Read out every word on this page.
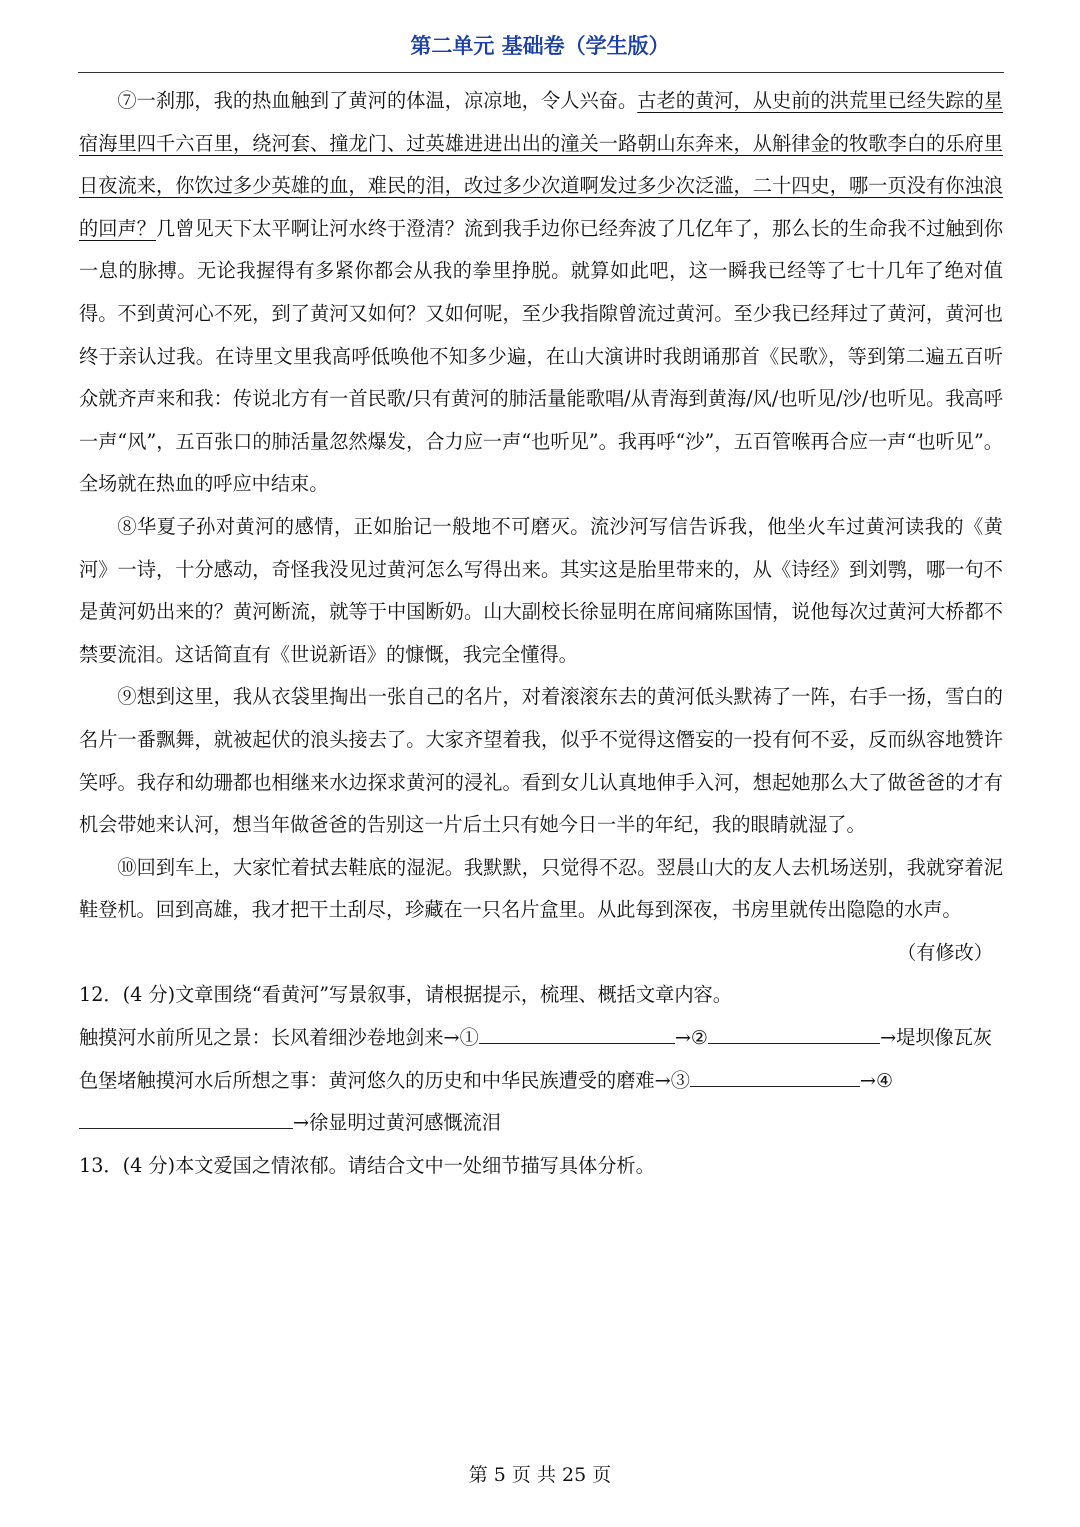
第二单元 基础卷（学生版）

⑦一刹那，我的热血触到了黄河的体温，凉凉地，令人兴奋。古老的黄河，从史前的洪荒里已经失踪的星宿海里四千六百里，绕河套、撞龙门、过英雄进进出出的潼关一路朝山东奔来，从斛律金的牧歌李白的乐府里日夜流来，你饮过多少英雄的血，难民的泪，改过多少次道啊发过多少次泛滥，二十四史，哪一页没有你浊浪的回声？几曾见天下太平啊让河水终于澄清？流到我手边你已经奔波了几亿年了，那么长的生命我不过触到你一息的脉搏。无论我握得有多紧你都会从我的拳里挣脱。就算如此吧，这一瞬我已经等了七十几年了绝对值得。不到黄河心不死，到了黄河又如何？又如何呢，至少我指隙曾流过黄河。至少我已经拜过了黄河，黄河也终于亲认过我。在诗里文里我高呼低唤他不知多少遍，在山大演讲时我朗诵那首《民歌》，等到第二遍五百听众就齐声来和我：传说北方有一首民歌/只有黄河的肺活量能歌唱/从青海到黄海/风/也听见/沙/也听见。我高呼一声“风”，五百张口的肺活量忽然爆发，合力应一声“也听见”。我再呼“沙”，五百管喉再合应一声“也听见”。全场就在热血的呼应中结束。

⑧华夏子孙对黄河的感情，正如胎记一般地不可磨灭。流沙河写信告诉我，他坐火车过黄河读我的《黄河》一诗，十分感动，奇怪我没见过黄河怎么写得出来。其实这是胎里带来的，从《诗经》到刘鹗，哪一句不是黄河奶出来的？黄河断流，就等于中国断奶。山大副校长徐显明在席间痛陈国情，说他每次过黄河大桥都不禁要流泪。这话简直有《世说新语》的慷慨，我完全懂得。

⑨想到这里，我从衣袋里掏出一张自己的名片，对着滚滚东去的黄河低头默祷了一阵，右手一扬，雪白的名片一番飘舞，就被起伏的浪头接去了。大家齐望着我，似乎不觉得这僭妄的一投有何不妥，反而纵容地赞许笑呼。我存和幼珊都也相继来水边探求黄河的浸礼。看到女儿认真地伸手入河，想起她那么大了做爸爸的才有机会带她来认河，想当年做爸爸的告别这一片后土只有她今日一半的年纪，我的眼睛就湿了。

⑩回到车上，大家忙着拭去鞋底的湿泥。我默默，只觉得不忍。翌晨山大的友人去机场送别，我就穿着泥鞋登机。回到高雄，我才把干土刮尽，珍藏在一只名片盒里。从此每到深夜，书房里就传出隐隐的水声。

（有修改）

12．(4 分)文章围绕“看黄河”写景叙事，请根据提示，梳理、概括文章内容。

触摸河水前所见之景：长风着细沙卷地剑来→①	→②	→堤坝像瓦灰色堡堵触摸河水后所想之事：黄河悠久的历史和中华民族遭受的磨难→③	→④→徐显明过黄河感慨流泪

13．(4 分)本文爱国之情浓郁。请结合文中一处细节描写具体分析。

第 5 页 共 25 页
